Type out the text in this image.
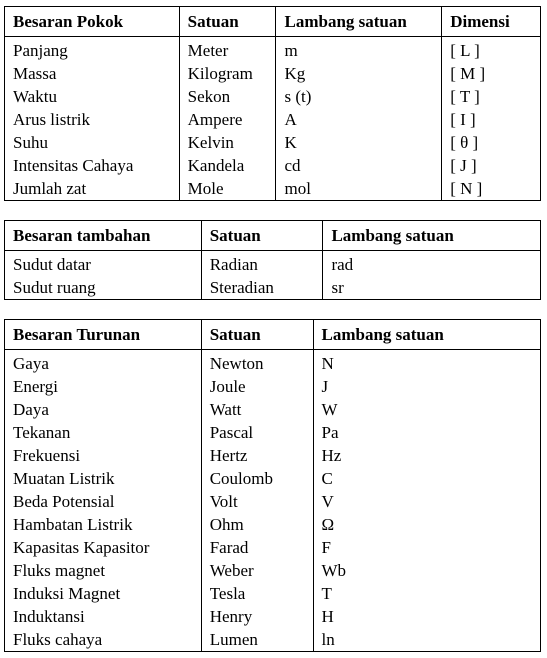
Besaran Pokok	Satuan	Lambang satuan	Dimensi
Panjang	Meter	m	[ L ]
Massa	Kilogram	Kg	[ M ]
Waktu	Sekon	s (t)	[ T ]
Arus listrik	Ampere	A	[ I ]
Suhu	Kelvin	K	[ θ ]
Intensitas Cahaya	Kandela	cd	[ J ]
Jumlah zat	Mole	mol	[ N ]
Besaran tambahan	Satuan	Lambang satuan
Sudut datar	Radian	rad
Sudut ruang	Steradian	sr
Besaran Turunan	Satuan	Lambang satuan
Gaya	Newton	N
Energi	Joule	J
Daya	Watt	W
Tekanan	Pascal	Pa
Frekuensi	Hertz	Hz
Muatan Listrik	Coulomb	C
Beda Potensial	Volt	V
Hambatan Listrik	Ohm	Ω
Kapasitas Kapasitor	Farad	F
Fluks magnet	Weber	Wb
Induksi Magnet	Tesla	T
Induktansi	Henry	H
Fluks cahaya	Lumen	ln
